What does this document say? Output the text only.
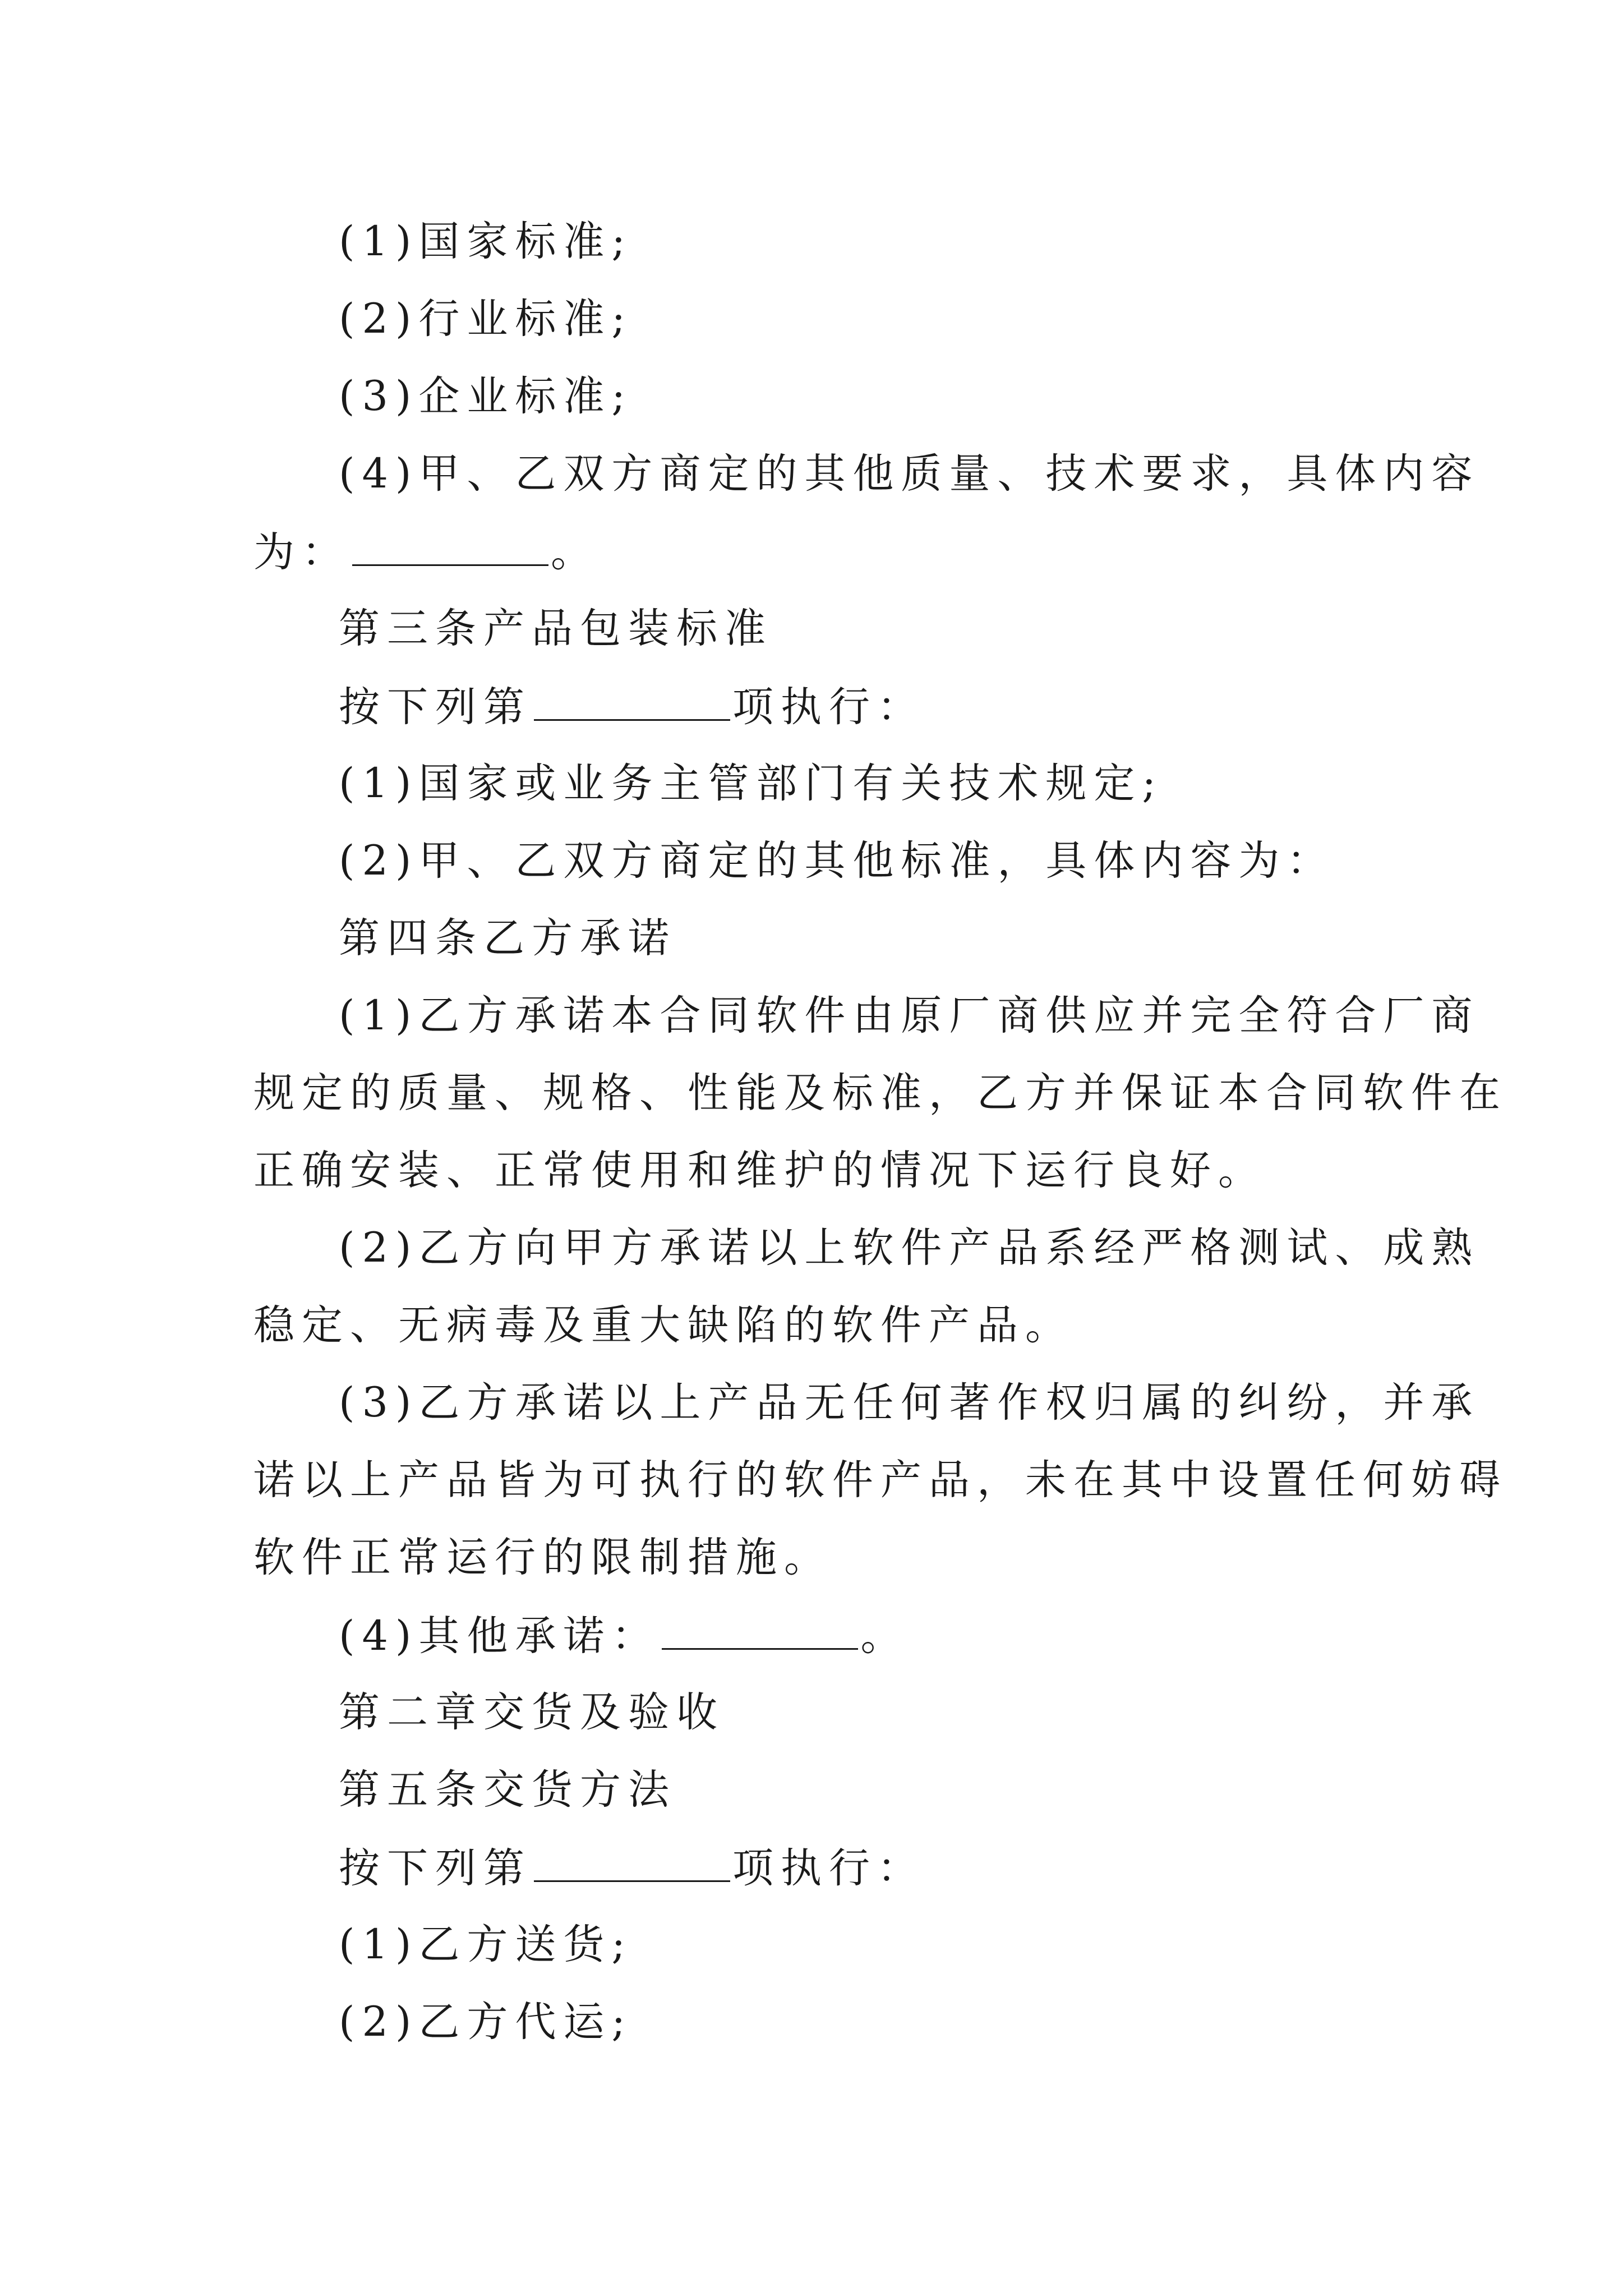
(1)国家标准;
(2)行业标准;
(3)企业标准;
(4)甲、乙双方商定的其他质量、技术要求，具体内容
为：	。
第三条产品包装标准
按下列第	项执行：
(1)国家或业务主管部门有关技术规定;
(2)甲、乙双方商定的其他标准，具体内容为：
第四条乙方承诺
(1)乙方承诺本合同软件由原厂商供应并完全符合厂商
规定的质量、规格、性能及标准，乙方并保证本合同软件在
正确安装、正常使用和维护的情况下运行良好。
(2)乙方向甲方承诺以上软件产品系经严格测试、成熟
稳定、无病毒及重大缺陷的软件产品。
(3)乙方承诺以上产品无任何著作权归属的纠纷，并承
诺以上产品皆为可执行的软件产品，未在其中设置任何妨碍
软件正常运行的限制措施。
(4)其他承诺：	。
第二章交货及验收
第五条交货方法
按下列第	项执行：
(1)乙方送货;
(2)乙方代运;
